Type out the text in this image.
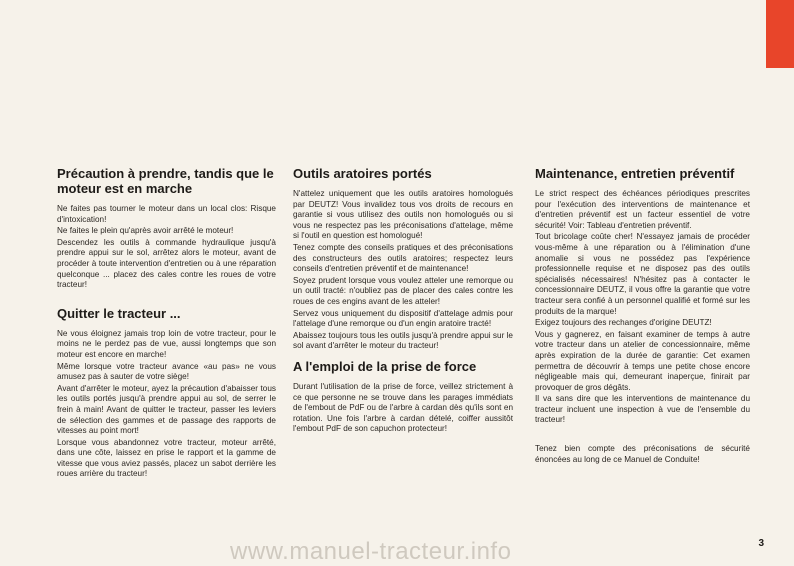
Précaution à prendre, tandis que le moteur est en marche

Ne faites pas tourner le moteur dans un local clos: Risque d'intoxication!

Ne faites le plein qu'après avoir arrêté le moteur!

Descendez les outils à commande hydraulique jusqu'à prendre appui sur le sol, arrêtez alors le moteur, avant de procéder à toute intervention d'entretien ou à une réparation quelconque ... placez des cales contre les roues de votre tracteur!

Quitter le tracteur ...

Ne vous éloignez jamais trop loin de votre tracteur, pour le moins ne le perdez pas de vue, aussi longtemps que son moteur est encore en marche!

Même lorsque votre tracteur avance «au pas» ne vous amusez pas à sauter de votre siège!

Avant d'arrêter le moteur, ayez la précaution d'abaisser tous les outils portés jusqu'à prendre appui au sol, de serrer le frein à main! Avant de quitter le tracteur, passer les leviers de sélection des gammes et de passage des rapports de vitesses au point mort!

Lorsque vous abandonnez votre tracteur, moteur arrêté, dans une côte, laissez en prise le rapport et la gamme de vitesse que vous aviez passés, placez un sabot derrière les roues arrière du tracteur!

Outils aratoires portés

N'attelez uniquement que les outils aratoires homologués par DEUTZ! Vous invalidez tous vos droits de recours en garantie si vous utilisez des outils non homologués ou si vous ne respectez pas les préconisations d'attelage, même si l'outil en question est homologué!

Tenez compte des conseils pratiques et des préconisations des constructeurs des outils aratoires; respectez leurs conseils d'entretien préventif et de maintenance!

Soyez prudent lorsque vous voulez atteler une remorque ou un outil tracté: n'oubliez pas de placer des cales contre les roues de ces engins avant de les atteler!

Servez vous uniquement du dispositif d'attelage admis pour l'attelage d'une remorque ou d'un engin aratoire tracté!

Abaissez toujours tous les outils jusqu'à prendre appui sur le sol avant d'arrêter le moteur du tracteur!

A l'emploi de la prise de force

Durant l'utilisation de la prise de force, veillez strictement à ce que personne ne se trouve dans les parages immédiats de l'embout de PdF ou de l'arbre à cardan dès qu'ils sont en rotation. Une fois l'arbre à cardan dételé, coiffer aussitôt l'embout PdF de son capuchon protecteur!

Maintenance, entretien préventif

Le strict respect des échéances périodiques prescrites pour l'exécution des interventions de maintenance et d'entretien préventif est un facteur essentiel de votre sécurité! Voir: Tableau d'entretien préventif.

Tout bricolage coûte cher! N'essayez jamais de procéder vous-même à une réparation ou à l'élimination d'une anomalie si vous ne possédez pas l'expérience professionnelle requise et ne disposez pas des outils spécialisés nécessaires! N'hésitez pas à contacter le concessionnaire DEUTZ, il vous offre la garantie que votre tracteur sera confié à un personnel qualifié et formé sur les produits de la marque!

Exigez toujours des rechanges d'origine DEUTZ!

Vous y gagnerez, en faisant examiner de temps à autre votre tracteur dans un atelier de concessionnaire, même après expiration de la durée de garantie: Cet examen permettra de découvrir à temps une petite chose encore négligeable mais qui, demeurant inaperçue, finirait par provoquer de gros dégâts.

Il va sans dire que les interventions de maintenance du tracteur incluent une inspection à vue de l'ensemble du tracteur!

Tenez bien compte des préconisations de sécurité énoncées au long de ce Manuel de Conduite!

3
www.manuel-tracteur.info
